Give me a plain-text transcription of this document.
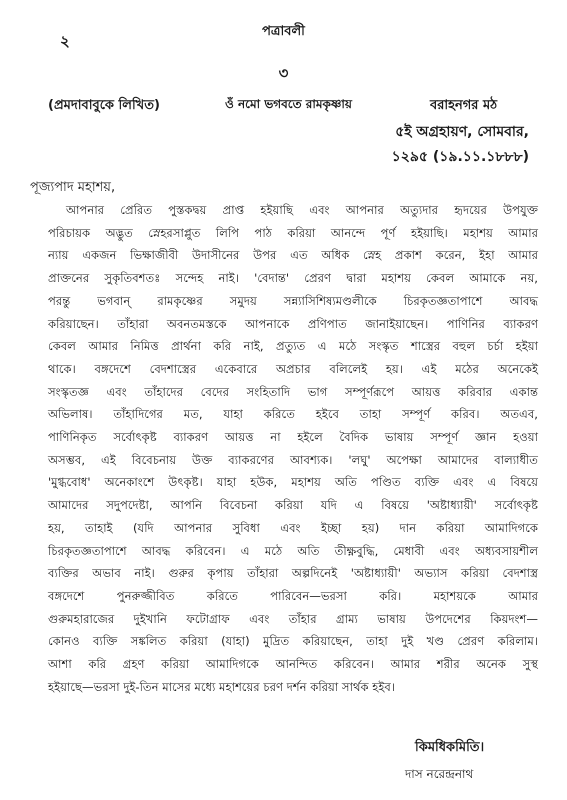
২
পত্রাবলী
৩
(প্রমদাবাবুকে লিখিত)	ওঁ নমো ভগবতে রামকৃষ্ণায়	বরাহনগর মঠ
৫ই অগ্রহায়ণ, সোমবার,
১২৯৫ (১৯.১১.১৮৮৮)
পূজ্যপাদ মহাশয়,

আপনার প্রেরিত পুস্তকদ্বয় প্রাপ্ত হইয়াছি এবং আপনার অত্যুদার হৃদয়ের উপযুক্ত

পরিচায়ক অদ্ভুত স্নেহরসাপ্লুত লিপি পাঠ করিয়া আনন্দে পূর্ণ হইয়াছি। মহাশয় আমার

ন্যায় একজন ভিক্ষাজীবী উদাসীনের উপর এত অধিক স্নেহ প্রকাশ করেন, ইহা আমার

প্রাক্তনের সুকৃতিবশতঃ সন্দেহ নাই। 'বেদান্ত' প্রেরণ দ্বারা মহাশয় কেবল আমাকে নয়,

পরন্তু ভগবান্ রামকৃষ্ণের সমুদয় সন্ন্যাসিশিষ্যমণ্ডলীকে চিরকৃতজ্ঞতাপাশে আবদ্ধ

করিয়াছেন। তাঁহারা অবনতমস্তকে আপনাকে প্রণিপাত জানাইয়াছেন। পাণিনির ব্যাকরণ

কেবল আমার নিমিত্ত প্রার্থনা করি নাই, প্রত্যুত এ মঠে সংস্কৃত শাস্ত্রের বহুল চর্চা হইয়া

থাকে। বঙ্গদেশে বেদশাস্ত্রের একেবারে অপ্রচার বলিলেই হয়। এই মঠের অনেকেই

সংস্কৃতজ্ঞ এবং তাঁহাদের বেদের সংহিতাদি ভাগ সম্পূর্ণরূপে আয়ত্ত করিবার একান্ত

অভিলাষ। তাঁহাদিগের মত, যাহা করিতে হইবে তাহা সম্পূর্ণ করিব। অতএব,

পাণিনিকৃত সর্বোৎকৃষ্ট ব্যাকরণ আয়ত্ত না হইলে বৈদিক ভাষায় সম্পূর্ণ জ্ঞান হওয়া

অসম্ভব, এই বিবেচনায় উক্ত ব্যাকরণের আবশ্যক। 'লঘু' অপেক্ষা আমাদের বাল্যাধীত

'মুগ্ধবোধ' অনেকাংশে উৎকৃষ্ট। যাহা হউক, মহাশয় অতি পণ্ডিত ব্যক্তি এবং এ বিষয়ে

আমাদের সদুপদেষ্টা, আপনি বিবেচনা করিয়া যদি এ বিষয়ে 'অষ্টাধ্যায়ী' সর্বোৎকৃষ্ট

হয়, তাহাই (যদি আপনার সুবিধা এবং ইচ্ছা হয়) দান করিয়া আমাদিগকে

চিরকৃতজ্ঞতাপাশে আবদ্ধ করিবেন। এ মঠে অতি তীক্ষ্ণবুদ্ধি, মেধাবী এবং অধ্যবসায়শীল

ব্যক্তির অভাব নাই। গুরুর কৃপায় তাঁহারা অল্পদিনেই 'অষ্টাধ্যায়ী' অভ্যাস করিয়া বেদশাস্ত্র

বঙ্গদেশে পুনরুজ্জীবিত করিতে পারিবেন—ভরসা করি। মহাশয়কে আমার

গুরুমহারাজের দুইখানি ফটোগ্রাফ এবং তাঁহার গ্রাম্য ভাষায় উপদেশের কিয়দংশ—

কোনও ব্যক্তি সঙ্কলিত করিয়া (যাহা) মুদ্রিত করিয়াছেন, তাহা দুই খণ্ড প্রেরণ করিলাম।

আশা করি গ্রহণ করিয়া আমাদিগকে আনন্দিত করিবেন। আমার শরীর অনেক সুস্থ

হইয়াছে—ভরসা দুই-তিন মাসের মধ্যে মহাশয়ের চরণ দর্শন করিয়া সার্থক হইব।

কিমধিকমিতি।
দাস নরেন্দ্রনাথ
